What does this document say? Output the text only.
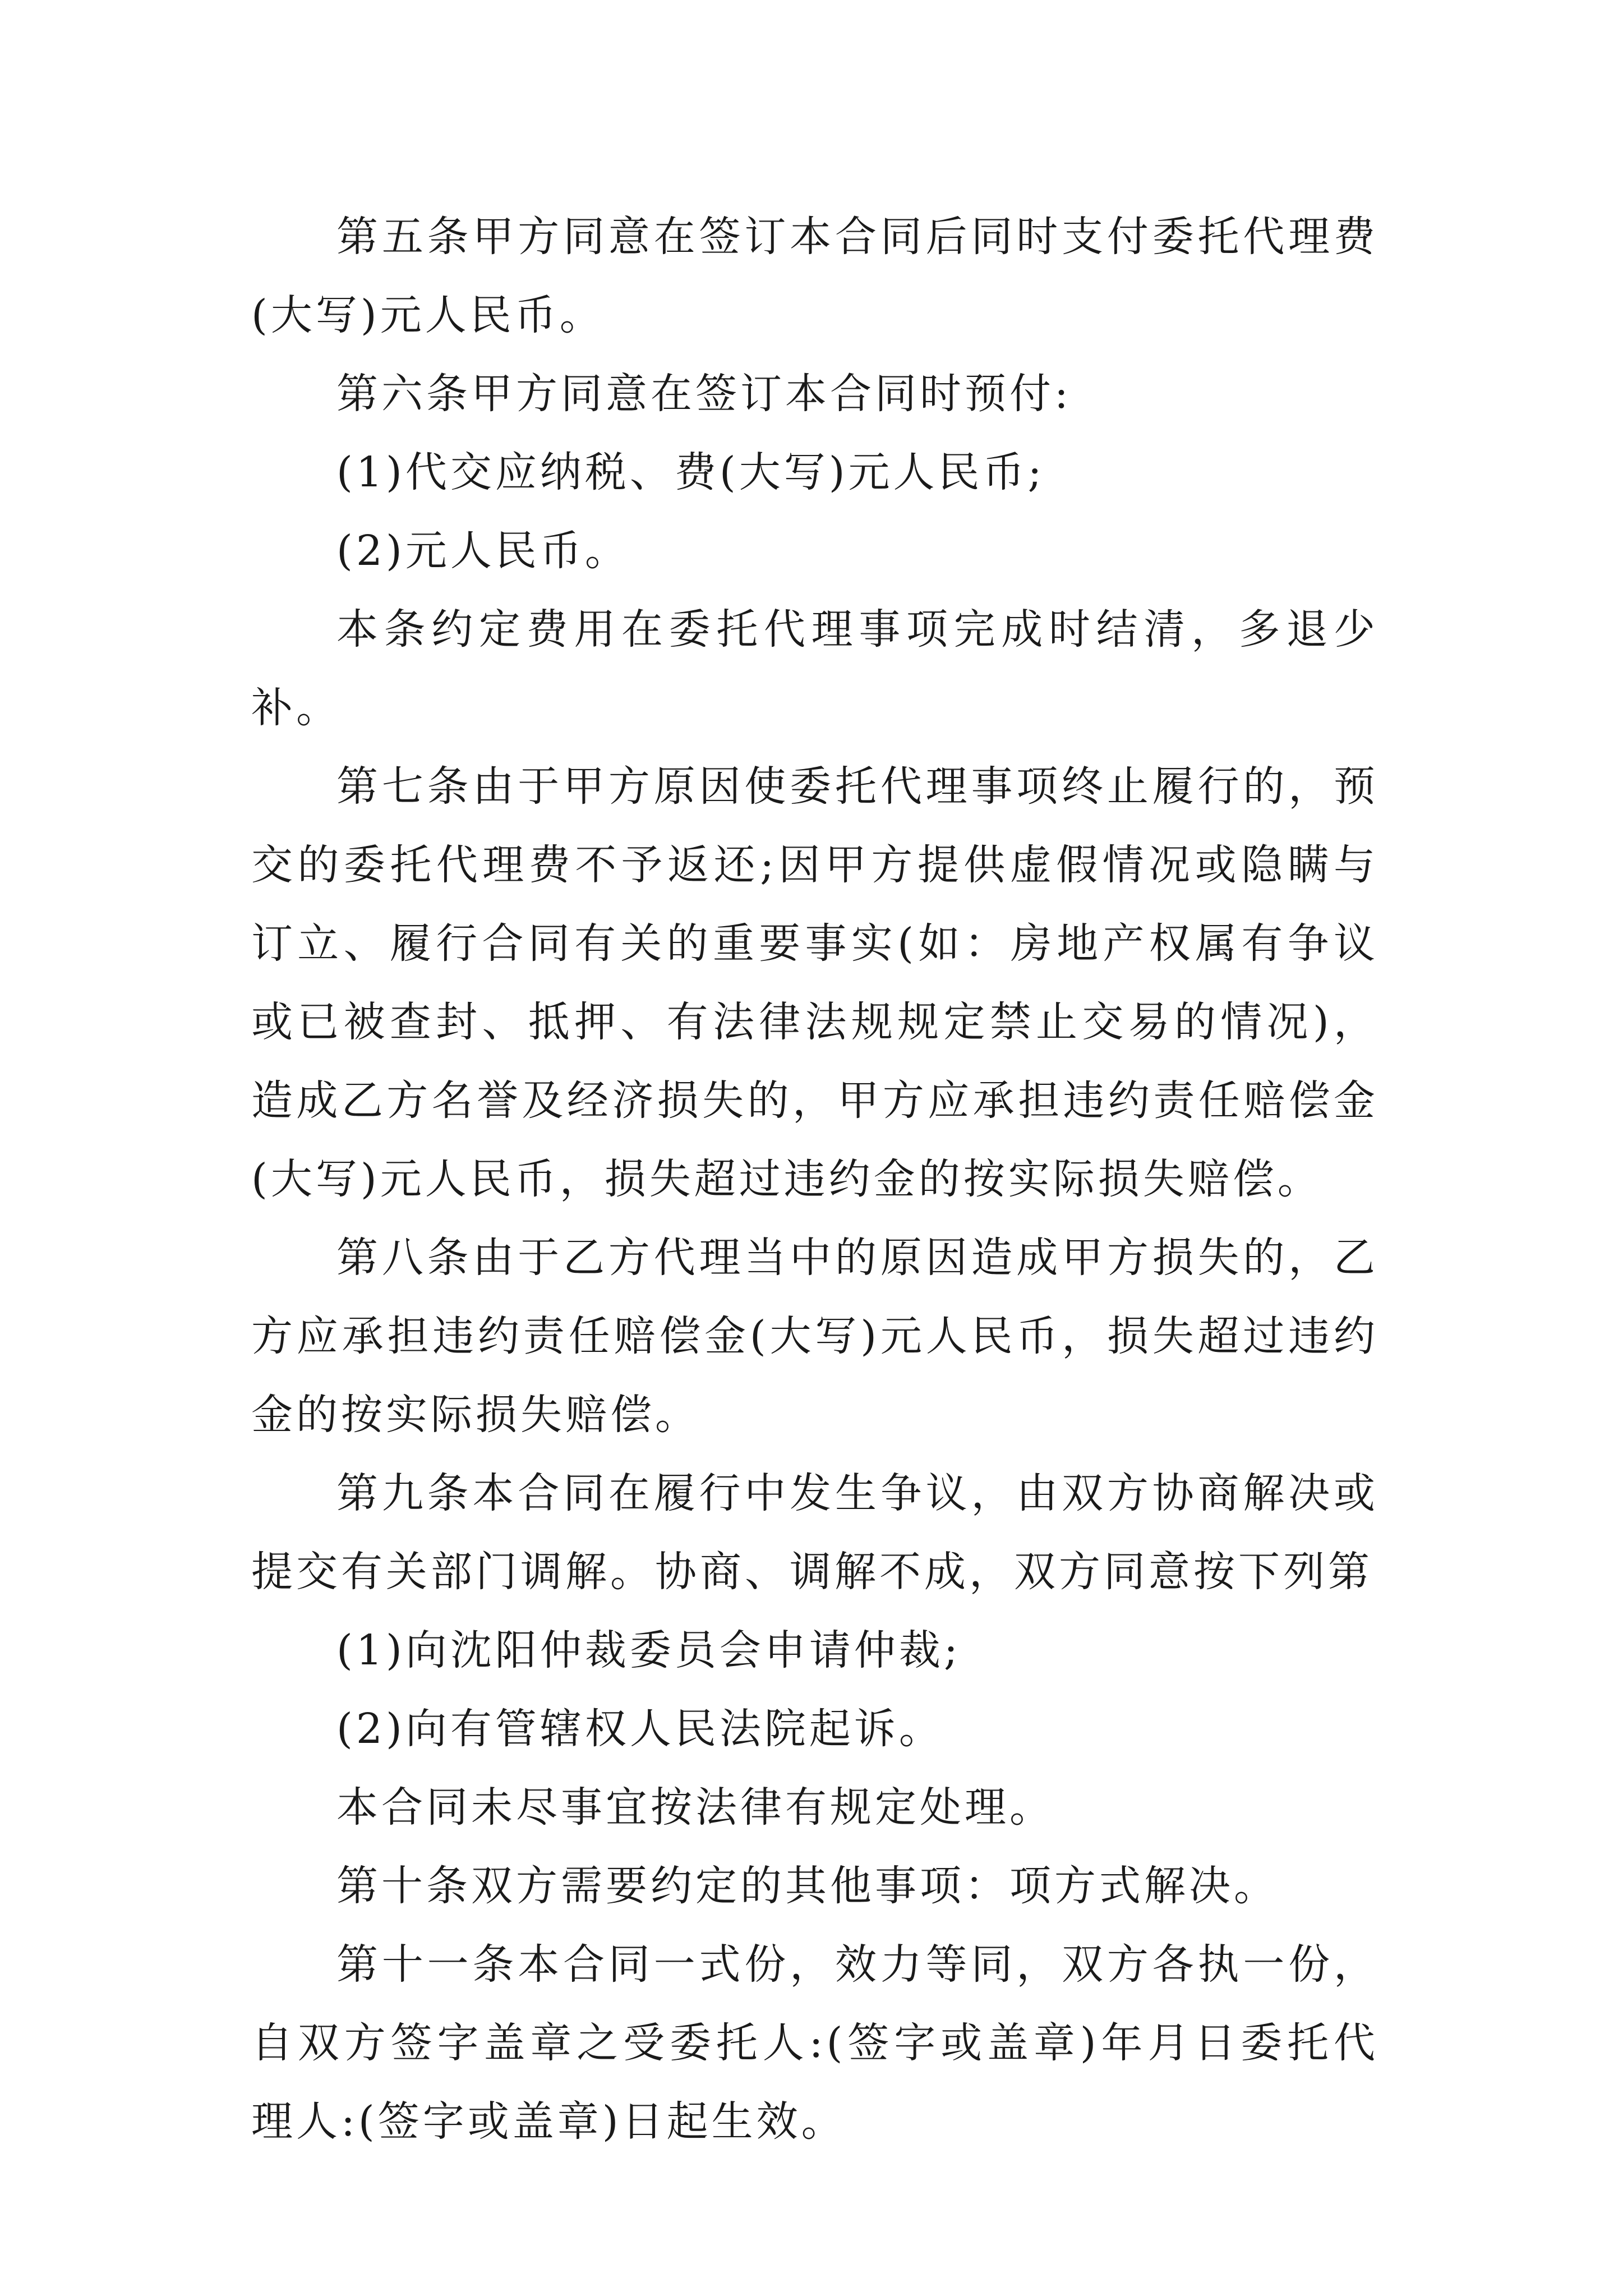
第五条甲方同意在签订本合同后同时支付委托代理费(大写)元人民币。

第六条甲方同意在签订本合同时预付:

(1)代交应纳税、费(大写)元人民币;

(2)元人民币。

本条约定费用在委托代理事项完成时结清，多退少补。

第七条由于甲方原因使委托代理事项终止履行的，预交的委托代理费不予返还;因甲方提供虚假情况或隐瞒与订立、履行合同有关的重要事实(如：房地产权属有争议或已被查封、抵押、有法律法规规定禁止交易的情况)，造成乙方名誉及经济损失的，甲方应承担违约责任赔偿金(大写)元人民币，损失超过违约金的按实际损失赔偿。

第八条由于乙方代理当中的原因造成甲方损失的，乙方应承担违约责任赔偿金(大写)元人民币，损失超过违约金的按实际损失赔偿。

第九条本合同在履行中发生争议，由双方协商解决或提交有关部门调解。协商、调解不成，双方同意按下列第

(1)向沈阳仲裁委员会申请仲裁;

(2)向有管辖权人民法院起诉。

本合同未尽事宜按法律有规定处理。

第十条双方需要约定的其他事项：项方式解决。

第十一条本合同一式份，效力等同，双方各执一份，自双方签字盖章之受委托人:(签字或盖章)年月日委托代理人:(签字或盖章)日起生效。
